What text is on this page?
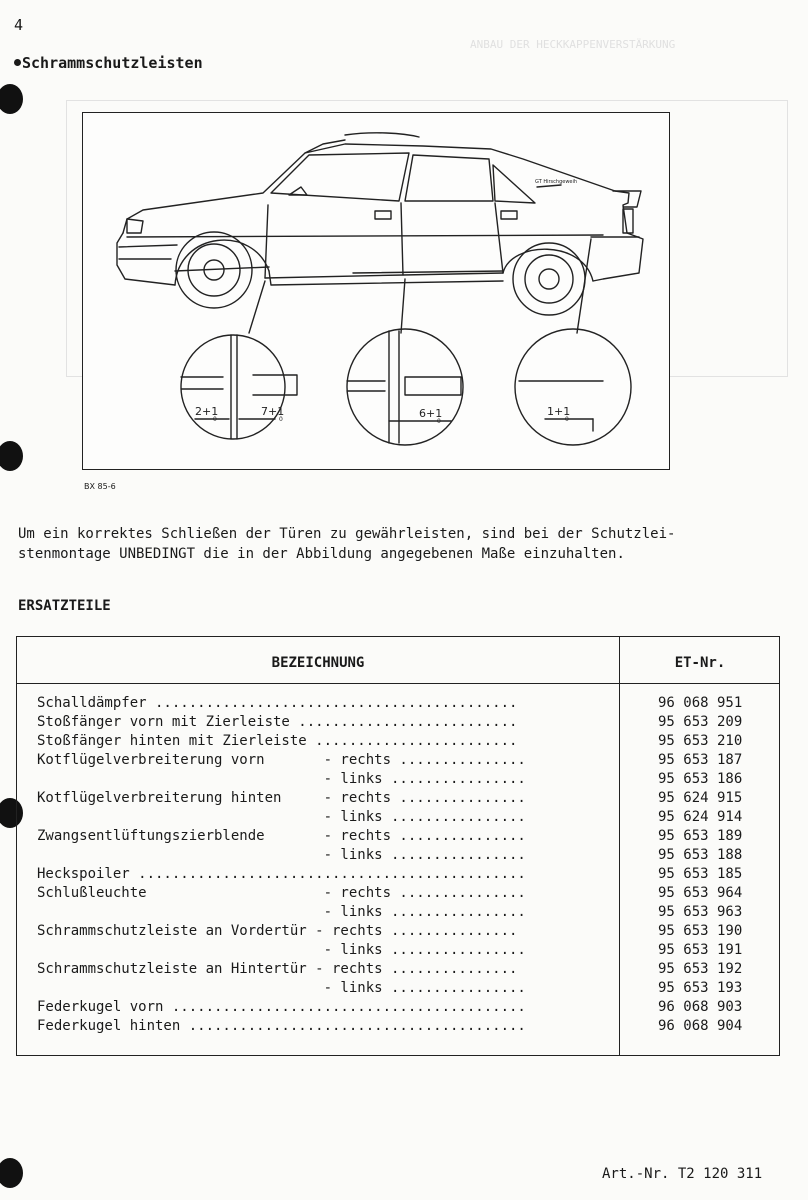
ANBAU DER HECKKAPPENVERSTÄRKUNG
4
Schrammschutzleisten
GT Hirschgeweih
2+1
0
7+1
0	6+1
0
1+1
0
BX 85-6
Um ein korrektes Schließen der Türen zu gewährleisten, sind bei der Schutzlei-
stenmontage UNBEDINGT die in der Abbildung angegebenen Maße einzuhalten.
ERSATZTEILE
BEZEICHNUNG	ET-Nr.
Schalldämpfer ...........................................	96 068 951
Stoßfänger vorn mit Zierleiste ..........................	95 653 209
Stoßfänger hinten mit Zierleiste ........................	95 653 210
Kotflügelverbreiterung vorn       - rechts ...............	95 653 187
- links ................	95 653 186
Kotflügelverbreiterung hinten     - rechts ...............	95 624 915
- links ................	95 624 914
Zwangsentlüftungszierblende       - rechts ...............	95 653 189
- links ................	95 653 188
Heckspoiler ..............................................	95 653 185
Schlußleuchte                     - rechts ...............	95 653 964
- links ................	95 653 963
Schrammschutzleiste an Vordertür - rechts ...............	95 653 190
- links ................	95 653 191
Schrammschutzleiste an Hintertür - rechts ...............	95 653 192
- links ................	95 653 193
Federkugel vorn ..........................................	96 068 903
Federkugel hinten ........................................	96 068 904
Art.-Nr. T2 120 311
